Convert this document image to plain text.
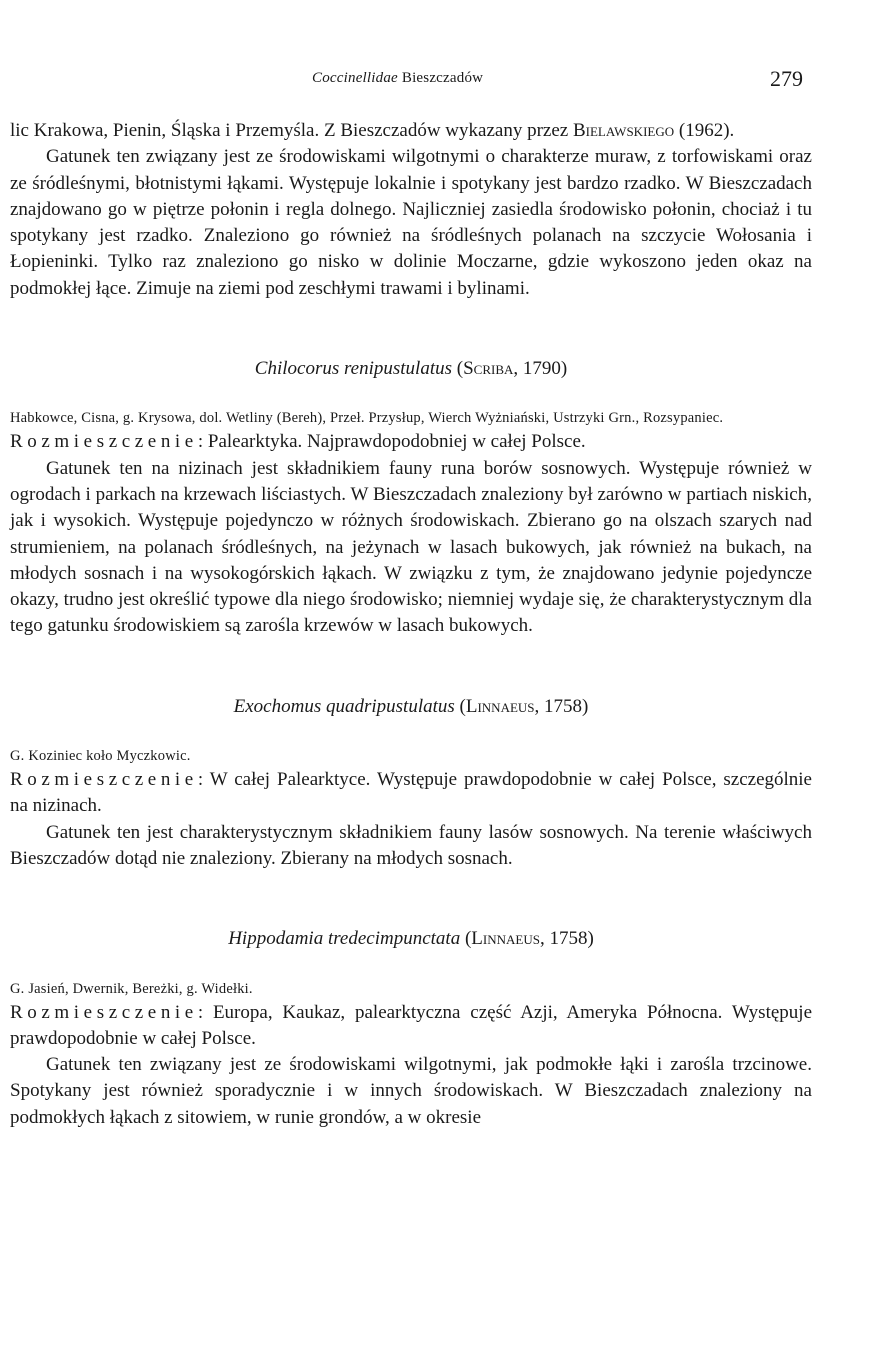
Coccinellidae Bieszczadów	279

lic Krakowa, Pienin, Śląska i Przemyśla. Z Bieszczadów wykazany przez Bielawskiego (1962).

Gatunek ten związany jest ze środowiskami wilgotnymi o charakterze muraw, z torfowiskami oraz ze śródleśnymi, błotnistymi łąkami. Występuje lokalnie i spotykany jest bardzo rzadko. W Bieszczadach znajdowano go w piętrze połonin i regla dolnego. Najliczniej zasiedla środowisko połonin, chociaż i tu spotykany jest rzadko. Znaleziono go również na śródleśnych polanach na szczycie Wołosania i Łopieninki. Tylko raz znaleziono go nisko w dolinie Moczarne, gdzie wykoszono jeden okaz na podmokłej łące. Zimuje na ziemi pod zeschłymi trawami i bylinami.

Chilocorus renipustulatus (Scriba, 1790)

Habkowce, Cisna, g. Krysowa, dol. Wetliny (Bereh), Przeł. Przysłup, Wierch Wyżniański, Ustrzyki Grn., Rozsypaniec.

Rozmieszczenie: Palearktyka. Najprawdopodobniej w całej Polsce.

Gatunek ten na nizinach jest składnikiem fauny runa borów sosnowych. Występuje również w ogrodach i parkach na krzewach liściastych. W Bieszczadach znaleziony był zarówno w partiach niskich, jak i wysokich. Występuje pojedynczo w różnych środowiskach. Zbierano go na olszach szarych nad strumieniem, na polanach śródleśnych, na jeżynach w lasach bukowych, jak również na bukach, na młodych sosnach i na wysokogórskich łąkach. W związku z tym, że znajdowano jedynie pojedyncze okazy, trudno jest określić typowe dla niego środowisko; niemniej wydaje się, że charakterystycznym dla tego gatunku środowiskiem są zarośla krzewów w lasach bukowych.

Exochomus quadripustulatus (Linnaeus, 1758)

G. Koziniec koło Myczkowic.

Rozmieszczenie: W całej Palearktyce. Występuje prawdopodobnie w całej Polsce, szczególnie na nizinach.

Gatunek ten jest charakterystycznym składnikiem fauny lasów sosnowych. Na terenie właściwych Bieszczadów dotąd nie znaleziony. Zbierany na młodych sosnach.

Hippodamia tredecimpunctata (Linnaeus, 1758)

G. Jasień, Dwernik, Bereżki, g. Widełki.

Rozmieszczenie: Europa, Kaukaz, palearktyczna część Azji, Ameryka Północna. Występuje prawdopodobnie w całej Polsce.

Gatunek ten związany jest ze środowiskami wilgotnymi, jak podmokłe łąki i zarośla trzcinowe. Spotykany jest również sporadycznie i w innych środowiskach. W Bieszczadach znaleziony na podmokłych łąkach z sitowiem, w runie grondów, a w okresie
